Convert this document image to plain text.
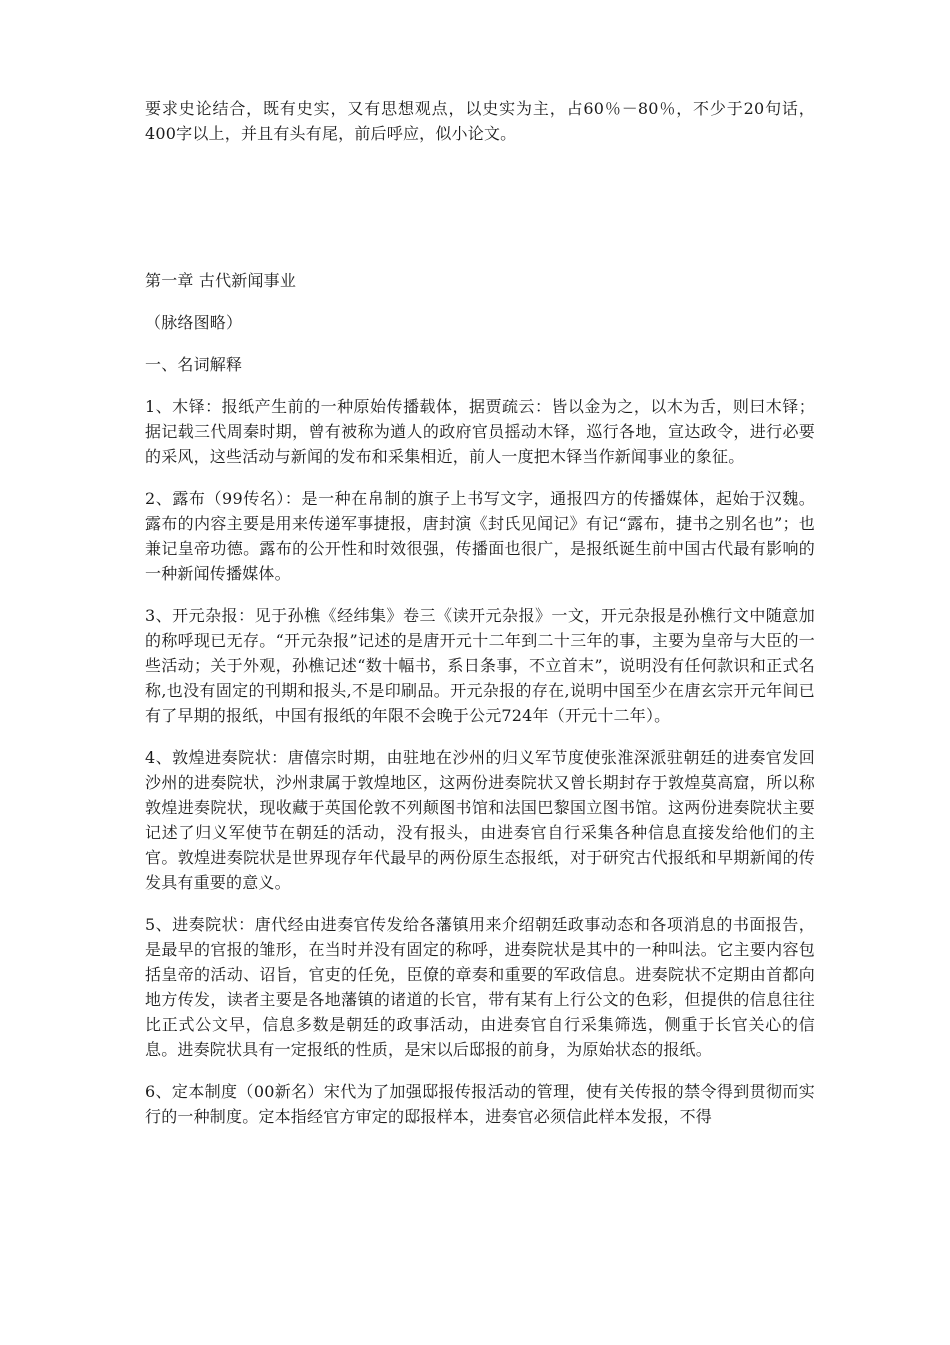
要求史论结合，既有史实，又有思想观点，以史实为主，占60％－80％，不少于20句话，400字以上，并且有头有尾，前后呼应，似小论文。

第一章 古代新闻事业

（脉络图略）

一、名词解释

1、木铎：报纸产生前的一种原始传播载体，据贾疏云：皆以金为之，以木为舌，则曰木铎；据记载三代周秦时期，曾有被称为遒人的政府官员摇动木铎，巡行各地，宣达政令，进行必要的采风，这些活动与新闻的发布和采集相近，前人一度把木铎当作新闻事业的象征。

2、露布（99传名）：是一种在帛制的旗子上书写文字，通报四方的传播媒体，起始于汉魏。露布的内容主要是用来传递军事捷报，唐封演《封氏见闻记》有记“露布，捷书之别名也”；也兼记皇帝功德。露布的公开性和时效很强，传播面也很广，是报纸诞生前中国古代最有影响的一种新闻传播媒体。

3、开元杂报：见于孙樵《经纬集》卷三《读开元杂报》一文，开元杂报是孙樵行文中随意加的称呼现已无存。“开元杂报”记述的是唐开元十二年到二十三年的事，主要为皇帝与大臣的一些活动；关于外观，孙樵记述“数十幅书，系日条事，不立首末”，说明没有任何款识和正式名称,也没有固定的刊期和报头,不是印刷品。开元杂报的存在,说明中国至少在唐玄宗开元年间已有了早期的报纸，中国有报纸的年限不会晚于公元724年（开元十二年）。

4、敦煌进奏院状：唐僖宗时期，由驻地在沙州的归义军节度使张淮深派驻朝廷的进奏官发回沙州的进奏院状，沙州隶属于敦煌地区，这两份进奏院状又曾长期封存于敦煌莫高窟，所以称敦煌进奏院状，现收藏于英国伦敦不列颠图书馆和法国巴黎国立图书馆。这两份进奏院状主要记述了归义军使节在朝廷的活动，没有报头，由进奏官自行采集各种信息直接发给他们的主官。敦煌进奏院状是世界现存年代最早的两份原生态报纸，对于研究古代报纸和早期新闻的传发具有重要的意义。

5、进奏院状：唐代经由进奏官传发给各藩镇用来介绍朝廷政事动态和各项消息的书面报告，是最早的官报的雏形，在当时并没有固定的称呼，进奏院状是其中的一种叫法。它主要内容包括皇帝的活动、诏旨，官吏的任免，臣僚的章奏和重要的军政信息。进奏院状不定期由首都向地方传发，读者主要是各地藩镇的诸道的长官，带有某有上行公文的色彩，但提供的信息往往比正式公文早，信息多数是朝廷的政事活动，由进奏官自行采集筛选，侧重于长官关心的信息。进奏院状具有一定报纸的性质，是宋以后邸报的前身，为原始状态的报纸。

6、定本制度（00新名）宋代为了加强邸报传报活动的管理，使有关传报的禁令得到贯彻而实行的一种制度。定本指经官方审定的邸报样本，进奏官必须信此样本发报，不得
